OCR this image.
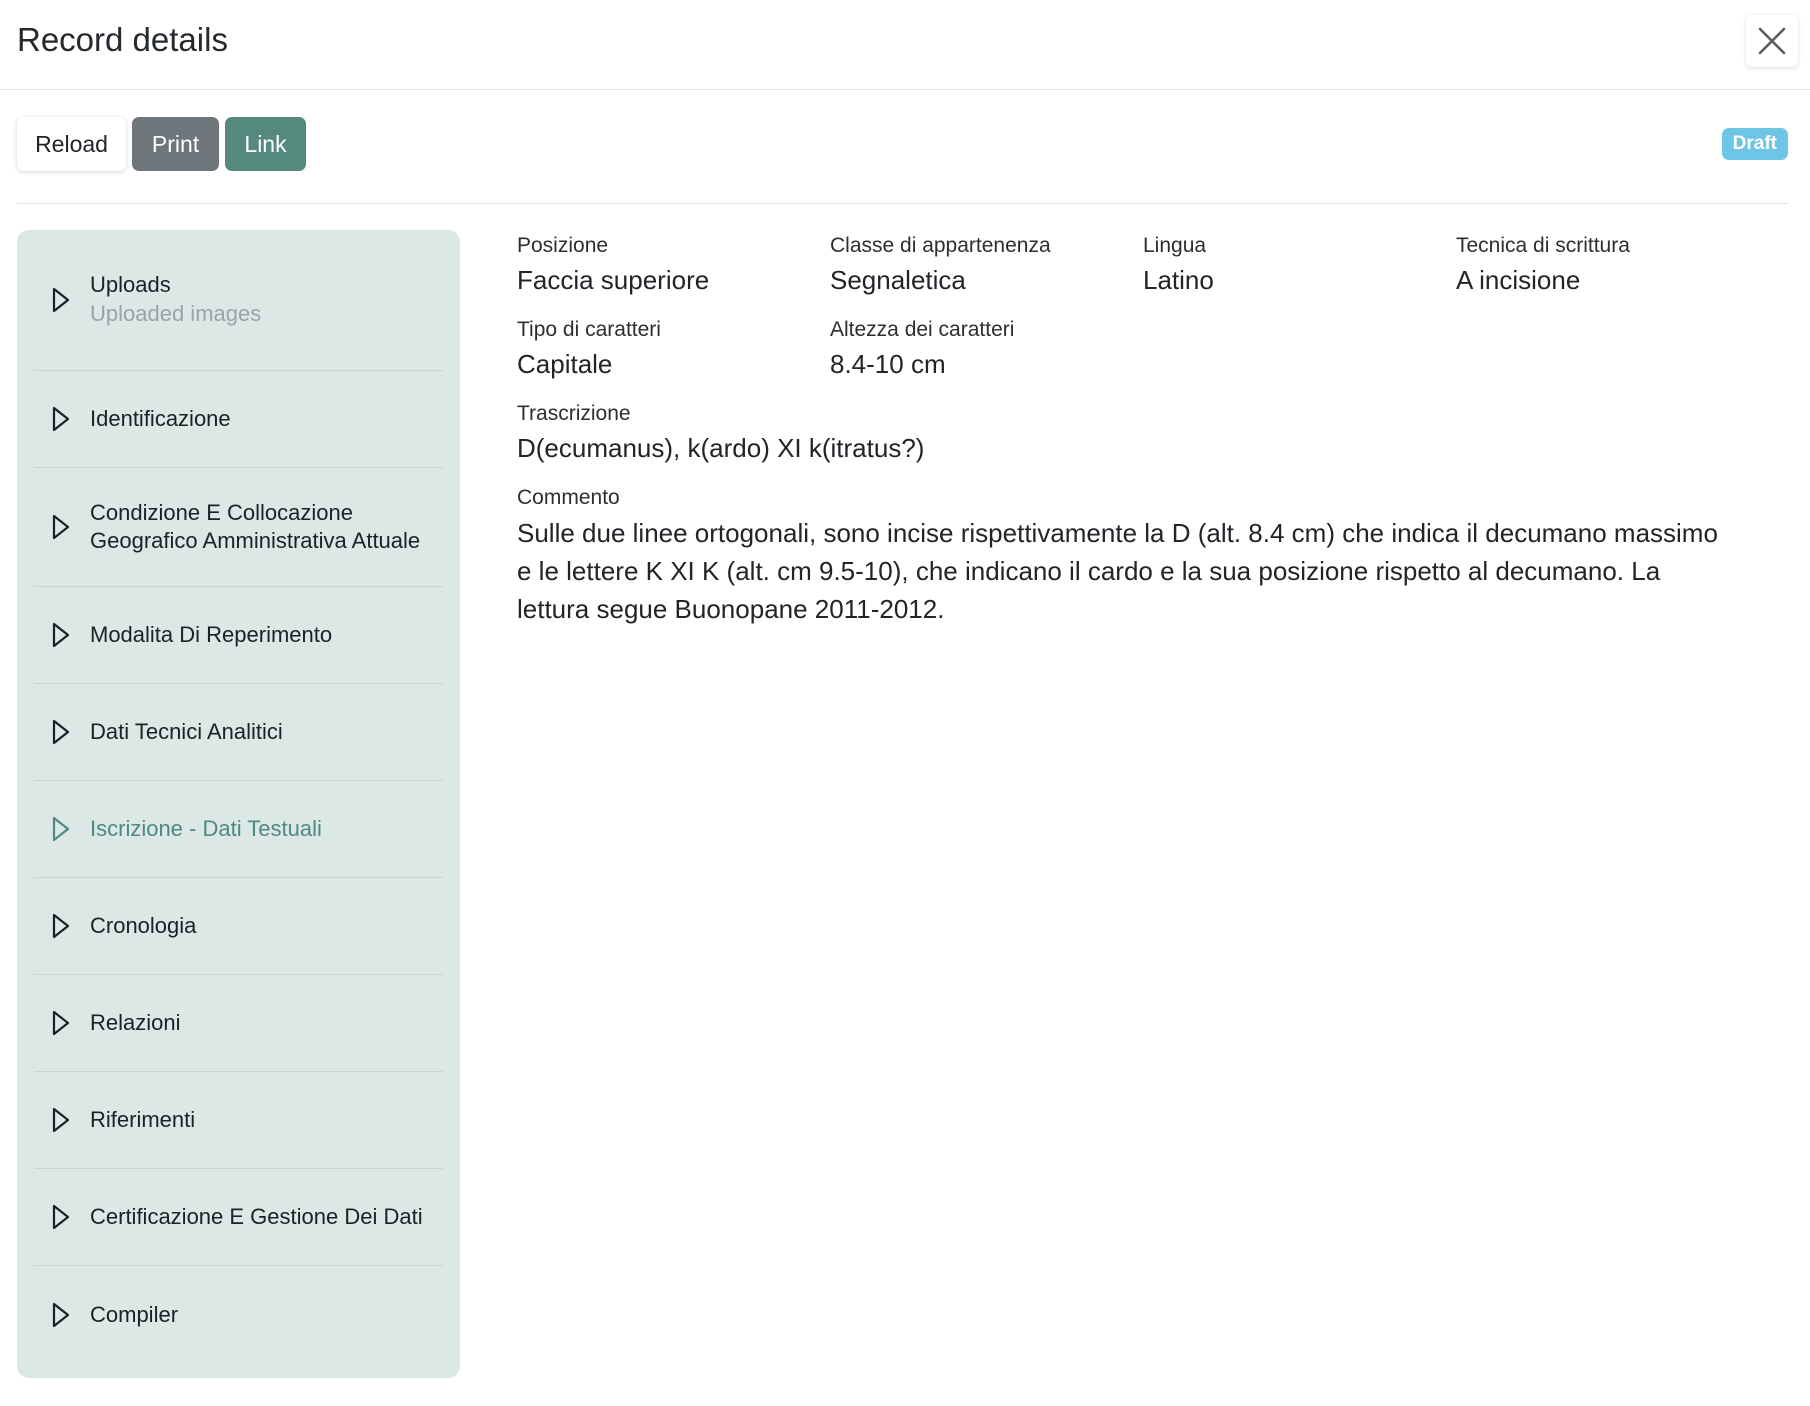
Record details
Reload	Print	Link	Draft
Uploads
Uploaded images
Identificazione
Condizione E Collocazione Geografico Amministrativa Attuale
Modalita Di Reperimento
Dati Tecnici Analitici
Iscrizione - Dati Testuali
Cronologia
Relazioni
Riferimenti
Certificazione E Gestione Dei Dati
Compiler
Posizione
Faccia superiore
Classe di appartenenza
Segnaletica
Lingua
Latino
Tecnica di scrittura
A incisione
Tipo di caratteri
Capitale
Altezza dei caratteri
8.4-10 cm
Trascrizione
D(ecumanus), k(ardo) XI k(itratus?)
Commento
Sulle due linee ortogonali, sono incise rispettivamente la D (alt. 8.4 cm) che indica il decumano massimo e le lettere K XI K (alt. cm 9.5-10), che indicano il cardo e la sua posizione rispetto al decumano. La lettura segue Buonopane 2011-2012.
